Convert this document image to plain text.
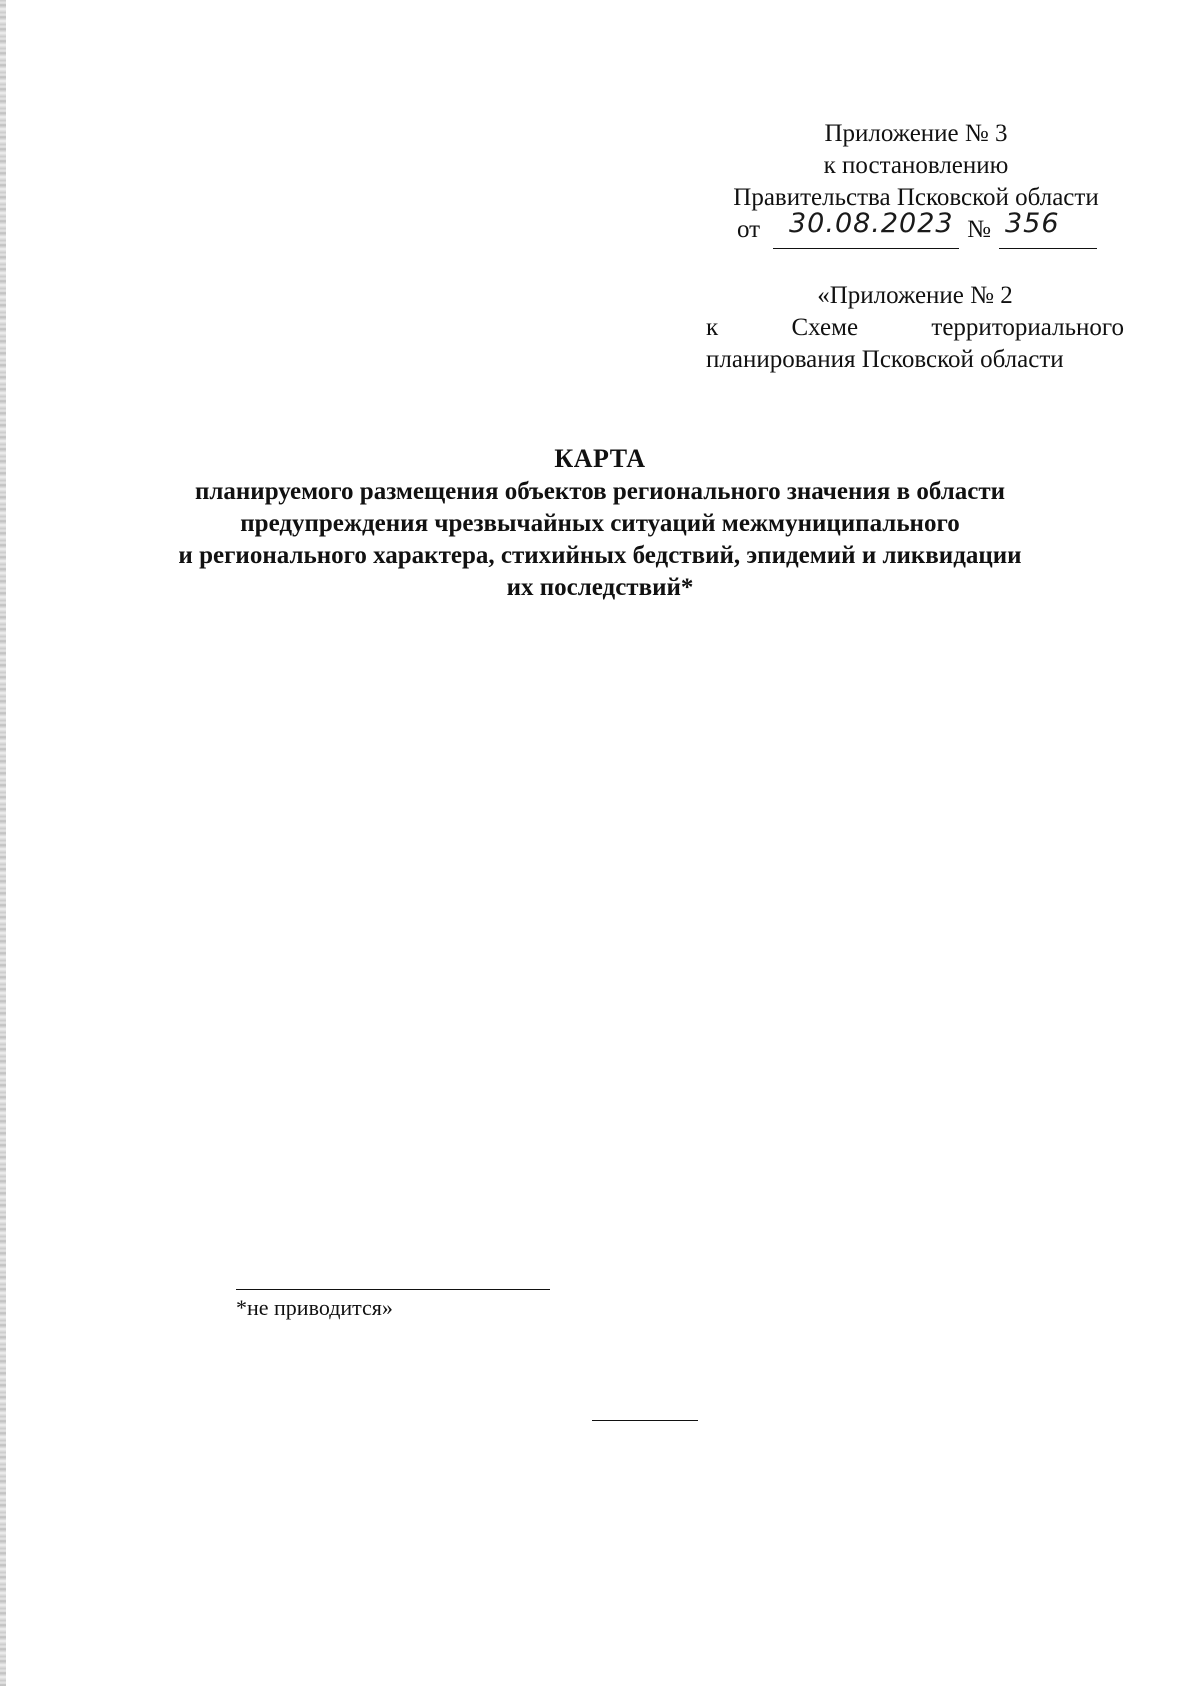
Приложение № 3
к постановлению
Правительства Псковской области
от 30.08.2023 № 356
«Приложение № 2
к Схеме территориального
планирования Псковской области
КАРТА
планируемого размещения объектов регионального значения в области
предупреждения чрезвычайных ситуаций межмуниципального
и регионального характера, стихийных бедствий, эпидемий и ликвидации
их последствий*
*не приводится»
